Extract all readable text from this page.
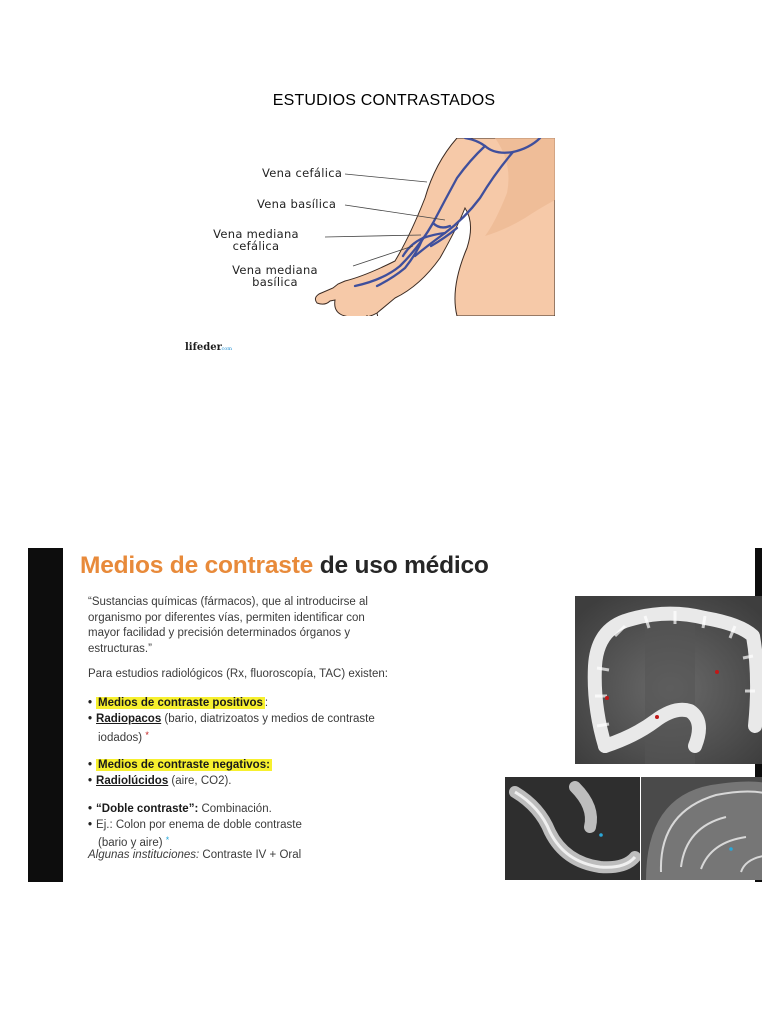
ESTUDIOS CONTRASTADOS
Vena cefálica
Vena basílica
Vena mediana
cefálica
Vena mediana
basílica
lifeder.com
Medios de contraste de uso médico
“Sustancias químicas (fármacos), que al introducirse al
organismo por diferentes vías, permiten identificar con
mayor facilidad y precisión determinados órganos y
estructuras.”
Para estudios radiológicos (Rx, fluoroscopía, TAC) existen:
• Medios de contraste positivos :
• Radiopacos (bario, diatrizoatos y medios de contraste
iodados) *
• Medios de contraste negativos:
• Radiolúcidos (aire, CO2).
• “Doble contraste”: Combinación.
• Ej.: Colon por enema de doble contraste
(bario y aire) *
Algunas instituciones: Contraste IV + Oral
